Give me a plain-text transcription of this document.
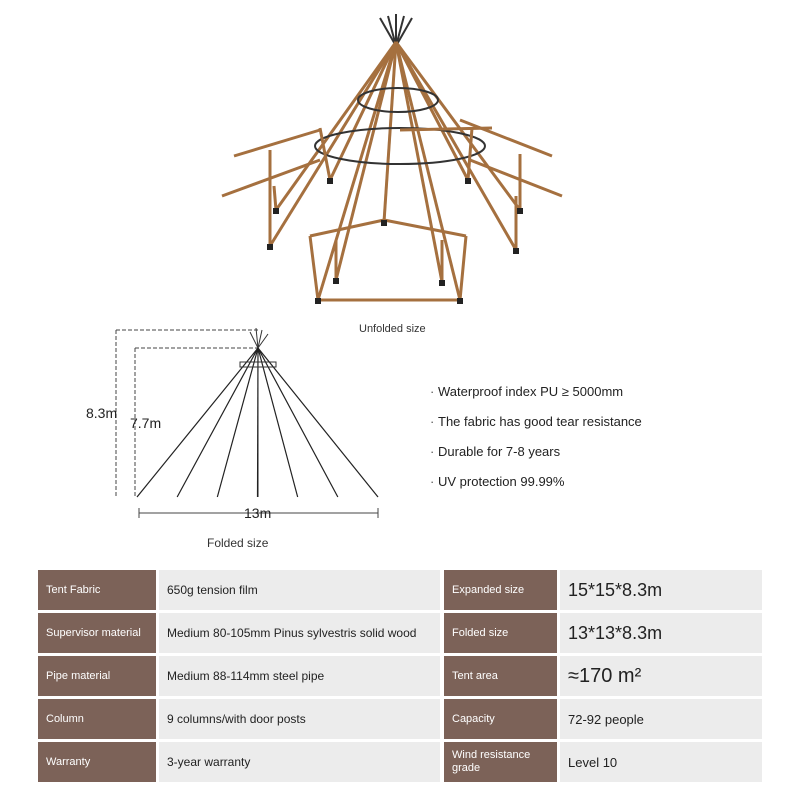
Unfolded size
8.3m
7.7m
13m
Folded size
· Waterproof index PU ≥ 5000mm
· The fabric has good tear resistance
· Durable for 7-8 years
· UV protection 99.99%
Tent Fabric	650g tension film	Expanded size	15*15*8.3m
Supervisor material	Medium 80-105mm Pinus sylvestris solid wood	Folded size	13*13*8.3m
Pipe material	Medium 88-114mm steel pipe	Tent area	≈170 m²
Column	9 columns/with door posts	Capacity	72-92 people
Warranty	3-year warranty	Wind resistance grade	Level 10
